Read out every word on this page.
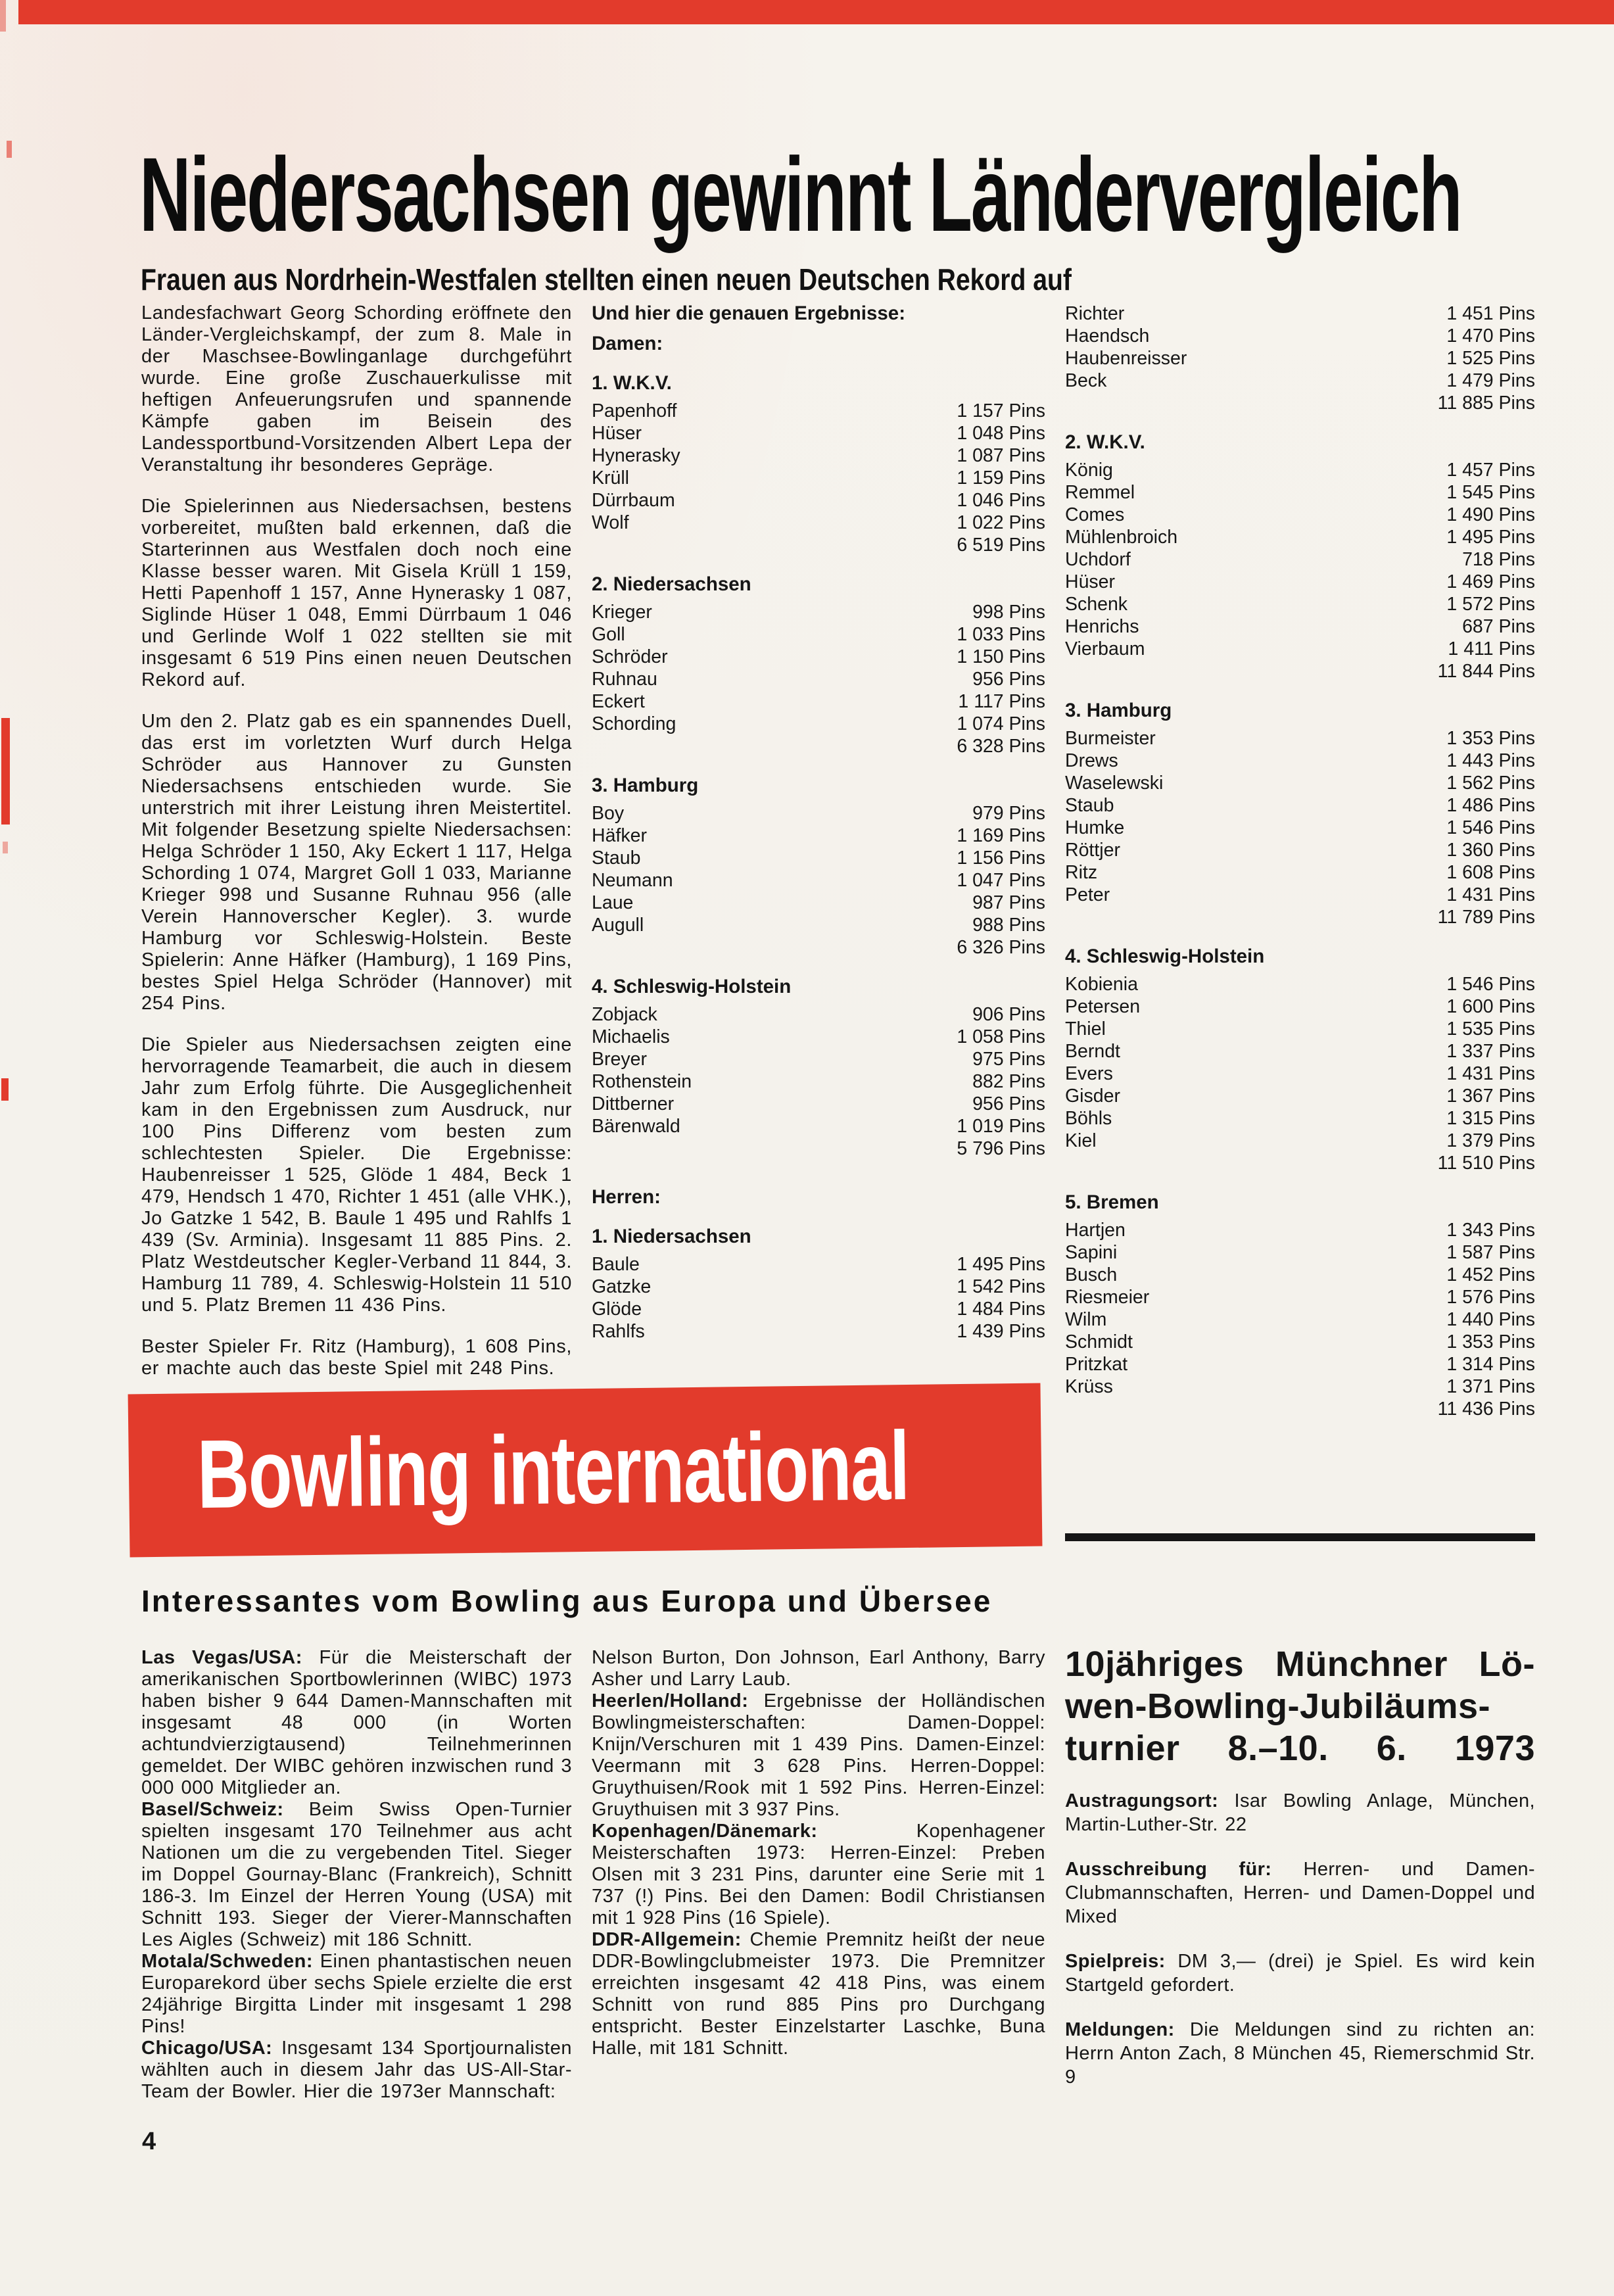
Niedersachsen gewinnt Ländervergleich
Frauen aus Nordrhein-Westfalen stellten einen neuen Deutschen Rekord auf

Landesfachwart Georg Schording eröffnete den Länder-Vergleichskampf, der zum 8. Male in der Maschsee-Bowlinganlage durchgeführt wurde. Eine große Zuschauerkulisse mit heftigen Anfeuerungsrufen und spannende Kämpfe gaben im Beisein des Landessportbund-Vorsitzenden Albert Lepa der Veranstaltung ihr besonderes Gepräge.

Die Spielerinnen aus Niedersachsen, bestens vorbereitet, mußten bald erkennen, daß die Starterinnen aus Westfalen doch noch eine Klasse besser waren. Mit Gisela Krüll 1 159, Hetti Papenhoff 1 157, Anne Hynerasky 1 087, Siglinde Hüser 1 048, Emmi Dürrbaum 1 046 und Gerlinde Wolf 1 022 stellten sie mit insgesamt 6 519 Pins einen neuen Deutschen Rekord auf.

Um den 2. Platz gab es ein spannendes Duell, das erst im vorletzten Wurf durch Helga Schröder aus Hannover zu Gunsten Niedersachsens entschieden wurde. Sie unterstrich mit ihrer Leistung ihren Meistertitel. Mit folgender Besetzung spielte Niedersachsen: Helga Schröder 1 150, Aky Eckert 1 117, Helga Schording 1 074, Margret Goll 1 033, Marianne Krieger 998 und Susanne Ruhnau 956 (alle Verein Hannoverscher Kegler). 3. wurde Hamburg vor Schleswig-Holstein. Beste Spielerin: Anne Häfker (Hamburg), 1 169 Pins, bestes Spiel Helga Schröder (Hannover) mit 254 Pins.

Die Spieler aus Niedersachsen zeigten eine hervorragende Teamarbeit, die auch in diesem Jahr zum Erfolg führte. Die Ausgeglichenheit kam in den Ergebnissen zum Ausdruck, nur 100 Pins Differenz vom besten zum schlechtesten Spieler. Die Ergebnisse: Haubenreisser 1 525, Glöde 1 484, Beck 1 479, Hendsch 1 470, Richter 1 451 (alle VHK.), Jo Gatzke 1 542, B. Baule 1 495 und Rahlfs 1 439 (Sv. Arminia). Insgesamt 11 885 Pins. 2. Platz Westdeutscher Kegler-Verband 11 844, 3. Hamburg 11 789, 4. Schleswig-Holstein 11 510 und 5. Platz Bremen 11 436 Pins.

Bester Spieler Fr. Ritz (Hamburg), 1 608 Pins, er machte auch das beste Spiel mit 248 Pins.

Und hier die genauen Ergebnisse:

Damen:

1. W.K.V.
Papenhoff	1 157 Pins
Hüser	1 048 Pins
Hynerasky	1 087 Pins
Krüll	1 159 Pins
Dürrbaum	1 046 Pins
Wolf	1 022 Pins
6 519 Pins
2. Niedersachsen
Krieger	998 Pins
Goll	1 033 Pins
Schröder	1 150 Pins
Ruhnau	956 Pins
Eckert	1 117 Pins
Schording	1 074 Pins
6 328 Pins
3. Hamburg
Boy	979 Pins
Häfker	1 169 Pins
Staub	1 156 Pins
Neumann	1 047 Pins
Laue	987 Pins
Augull	988 Pins
6 326 Pins
4. Schleswig-Holstein
Zobjack	906 Pins
Michaelis	1 058 Pins
Breyer	975 Pins
Rothenstein	882 Pins
Dittberner	956 Pins
Bärenwald	1 019 Pins
5 796 Pins

Herren:

1. Niedersachsen
Baule	1 495 Pins
Gatzke	1 542 Pins
Glöde	1 484 Pins
Rahlfs	1 439 Pins
Richter	1 451 Pins
Haendsch	1 470 Pins
Haubenreisser	1 525 Pins
Beck	1 479 Pins
11 885 Pins
2. W.K.V.
König	1 457 Pins
Remmel	1 545 Pins
Comes	1 490 Pins
Mühlenbroich	1 495 Pins
Uchdorf	718 Pins
Hüser	1 469 Pins
Schenk	1 572 Pins
Henrichs	687 Pins
Vierbaum	1 411 Pins
11 844 Pins
3. Hamburg
Burmeister	1 353 Pins
Drews	1 443 Pins
Waselewski	1 562 Pins
Staub	1 486 Pins
Humke	1 546 Pins
Röttjer	1 360 Pins
Ritz	1 608 Pins
Peter	1 431 Pins
11 789 Pins
4. Schleswig-Holstein
Kobienia	1 546 Pins
Petersen	1 600 Pins
Thiel	1 535 Pins
Berndt	1 337 Pins
Evers	1 431 Pins
Gisder	1 367 Pins
Böhls	1 315 Pins
Kiel	1 379 Pins
11 510 Pins
5. Bremen
Hartjen	1 343 Pins
Sapini	1 587 Pins
Busch	1 452 Pins
Riesmeier	1 576 Pins
Wilm	1 440 Pins
Schmidt	1 353 Pins
Pritzkat	1 314 Pins
Krüss	1 371 Pins
11 436 Pins
Bowling international
Interessantes vom Bowling aus Europa und Übersee

Las Vegas/USA: Für die Meisterschaft der amerikanischen Sportbowlerinnen (WIBC) 1973 haben bisher 9 644 Damen-Mannschaften mit insgesamt 48 000 (in Worten achtundvierzigtausend) Teilnehmerinnen gemeldet. Der WIBC gehören inzwischen rund 3 000 000 Mitglieder an.

Basel/Schweiz: Beim Swiss Open-Turnier spielten insgesamt 170 Teilnehmer aus acht Nationen um die zu vergebenden Titel. Sieger im Doppel Gournay-Blanc (Frankreich), Schnitt 186-3. Im Einzel der Herren Young (USA) mit Schnitt 193. Sieger der Vierer-Mannschaften Les Aigles (Schweiz) mit 186 Schnitt.

Motala/Schweden: Einen phantastischen neuen Europarekord über sechs Spiele erzielte die erst 24jährige Birgitta Linder mit insgesamt 1 298 Pins!

Chicago/USA: Insgesamt 134 Sportjournalisten wählten auch in diesem Jahr das US-All-Star-Team der Bowler. Hier die 1973er Mannschaft:

Nelson Burton, Don Johnson, Earl Anthony, Barry Asher und Larry Laub.

Heerlen/Holland: Ergebnisse der Holländischen Bowlingmeisterschaften: Damen-Doppel: Knijn/Verschuren mit 1 439 Pins. Damen-Einzel: Veermann mit 3 628 Pins. Herren-Doppel: Gruythuisen/Rook mit 1 592 Pins. Herren-Einzel: Gruythuisen mit 3 937 Pins.

Kopenhagen/Dänemark:	Kopenhagener Meisterschaften 1973: Herren-Einzel: Preben Olsen mit 3 231 Pins, darunter eine Serie mit 1 737 (!) Pins. Bei den Damen: Bodil Christiansen mit 1 928 Pins (16 Spiele).

DDR-Allgemein: Chemie Premnitz heißt der neue DDR-Bowlingclubmeister 1973. Die Premnitzer erreichten insgesamt 42 418 Pins, was einem Schnitt von rund 885 Pins pro Durchgang entspricht. Bester Einzelstarter Laschke, Buna Halle, mit 181 Schnitt.

10jähriges Münchner Lö-
wen-Bowling-Jubiläums-
turnier 8.–10. 6. 1973

Austragungsort: Isar Bowling Anlage, München, Martin-Luther-Str. 22

Ausschreibung für: Herren- und Damen-Clubmannschaften, Herren- und Damen-Doppel und Mixed

Spielpreis: DM 3,— (drei) je Spiel. Es wird kein Startgeld gefordert.

Meldungen: Die Meldungen sind zu richten an: Herrn Anton Zach, 8 München 45, Riemerschmid Str. 9

4
